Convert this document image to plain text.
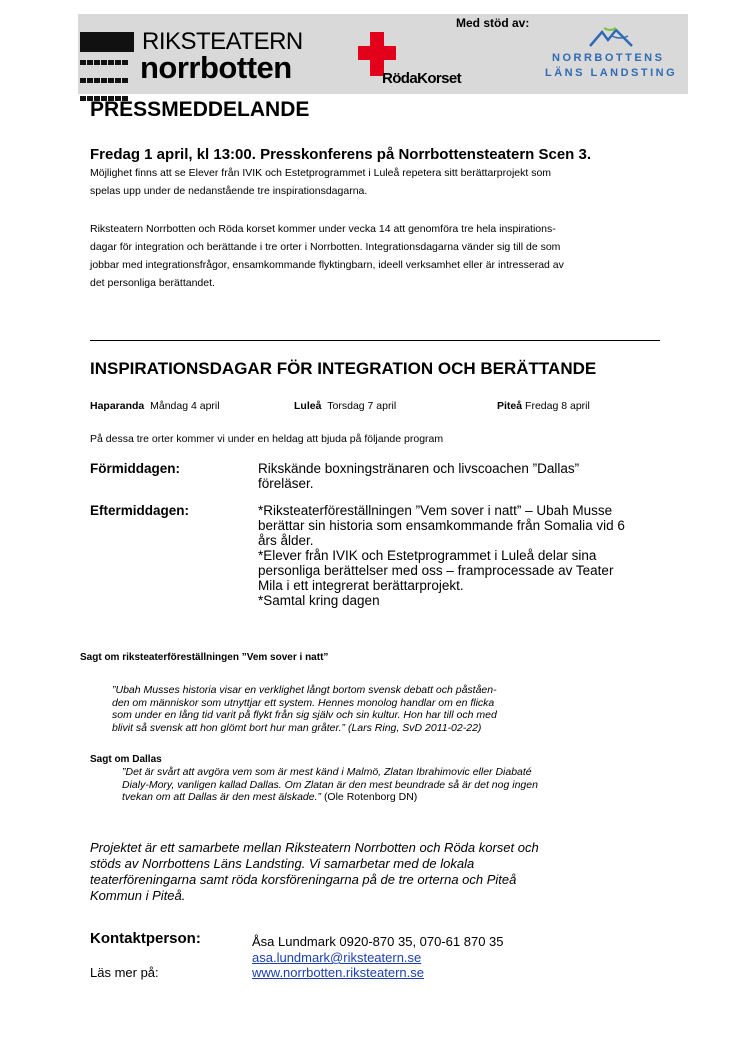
RIKSTEATERN
norrbotten	RödaKorset
Med stöd av:
NORRBOTTENS
LÄNS LANDSTING
PRESSMEDDELANDE
Fredag 1 april, kl 13:00. Presskonferens på Norrbottensteatern Scen 3.
Möjlighet finns att se Elever från IVIK och Estetprogrammet i Luleå repetera sitt berättarprojekt som
spelas upp under de nedanstående tre inspirationsdagarna.
Riksteatern Norrbotten och Röda korset kommer under vecka 14 att genomföra tre hela inspirations-
dagar för integration och berättande i tre orter i Norrbotten. Integrationsdagarna vänder sig till de som
jobbar med integrationsfrågor, ensamkommande flyktingbarn, ideell verksamhet eller är intresserad av
det personliga berättandet.
INSPIRATIONSDAGAR FÖR INTEGRATION OCH BERÄTTANDE
Haparanda Måndag 4 april	Luleå Torsdag 7 april	Piteå Fredag 8 april
På dessa tre orter kommer vi under en heldag att bjuda på följande program
Förmiddagen:	Rikskände boxningstränaren och livscoachen ”Dallas”
föreläser.
Eftermiddagen:	*Riksteaterföreställningen ”Vem sover i natt” – Ubah Musse
berättar sin historia som ensamkommande från Somalia vid 6
års ålder.
*Elever från IVIK och Estetprogrammet i Luleå delar sina
personliga berättelser med oss – framprocessade av Teater
Mila i ett integrerat berättarprojekt.
*Samtal kring dagen
Sagt om riksteaterföreställningen ”Vem sover i natt”
”Ubah Musses historia visar en verklighet långt bortom svensk debatt och påståen-
den om människor som utnyttjar ett system. Hennes monolog handlar om en flicka
som under en lång tid varit på flykt från sig själv och sin kultur. Hon har till och med
blivit så svensk att hon glömt bort hur man gråter.” (Lars Ring, SvD 2011-02-22)
Sagt om Dallas
”Det är svårt att avgöra vem som är mest känd i Malmö, Zlatan Ibrahimovic eller Diabaté
Dialy-Mory, vanligen kallad Dallas. Om Zlatan är den mest beundrade så är det nog ingen
tvekan om att Dallas är den mest älskade.” (Ole Rotenborg DN)
Projektet är ett samarbete mellan Riksteatern Norrbotten och Röda korset och
stöds av Norrbottens Läns Landsting. Vi samarbetar med de lokala
teaterföreningarna samt röda korsföreningarna på de tre orterna och Piteå
Kommun i Piteå.
Kontaktperson:	Åsa Lundmark 0920-870 35, 070-61 870 35
asa.lundmark@riksteatern.se
Läs mer på:	www.norrbotten.riksteatern.se
